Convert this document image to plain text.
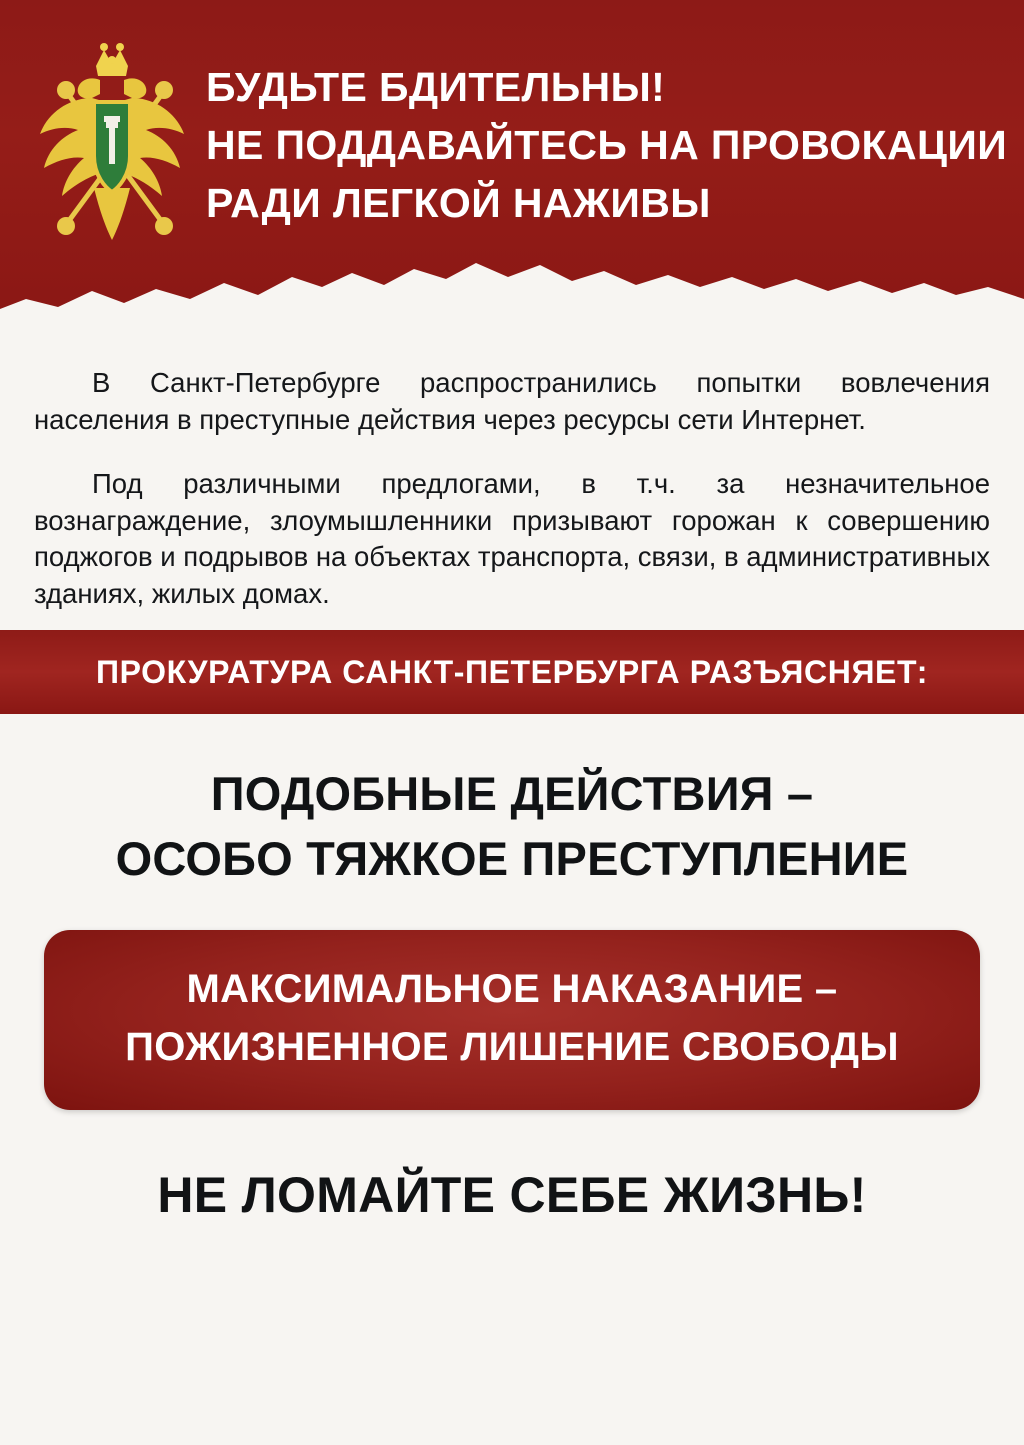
БУДЬТЕ БДИТЕЛЬНЫ!
НЕ ПОДДАВАЙТЕСЬ НА ПРОВОКАЦИИ
РАДИ ЛЕГКОЙ НАЖИВЫ

В Санкт-Петербурге распространились попытки вовлечения населения в преступные действия через ресурсы сети Интернет.

Под различными предлогами, в т.ч. за незначительное вознаграждение, злоумышленники призывают горожан к совершению поджогов и подрывов на объектах транспорта, связи, в административных зданиях, жилых домах.

ПРОКУРАТУРА САНКТ-ПЕТЕРБУРГА РАЗЪЯСНЯЕТ:
ПОДОБНЫЕ ДЕЙСТВИЯ –
ОСОБО ТЯЖКОЕ ПРЕСТУПЛЕНИЕ
МАКСИМАЛЬНОЕ НАКАЗАНИЕ –
ПОЖИЗНЕННОЕ ЛИШЕНИЕ СВОБОДЫ
НЕ ЛОМАЙТЕ СЕБЕ ЖИЗНЬ!
